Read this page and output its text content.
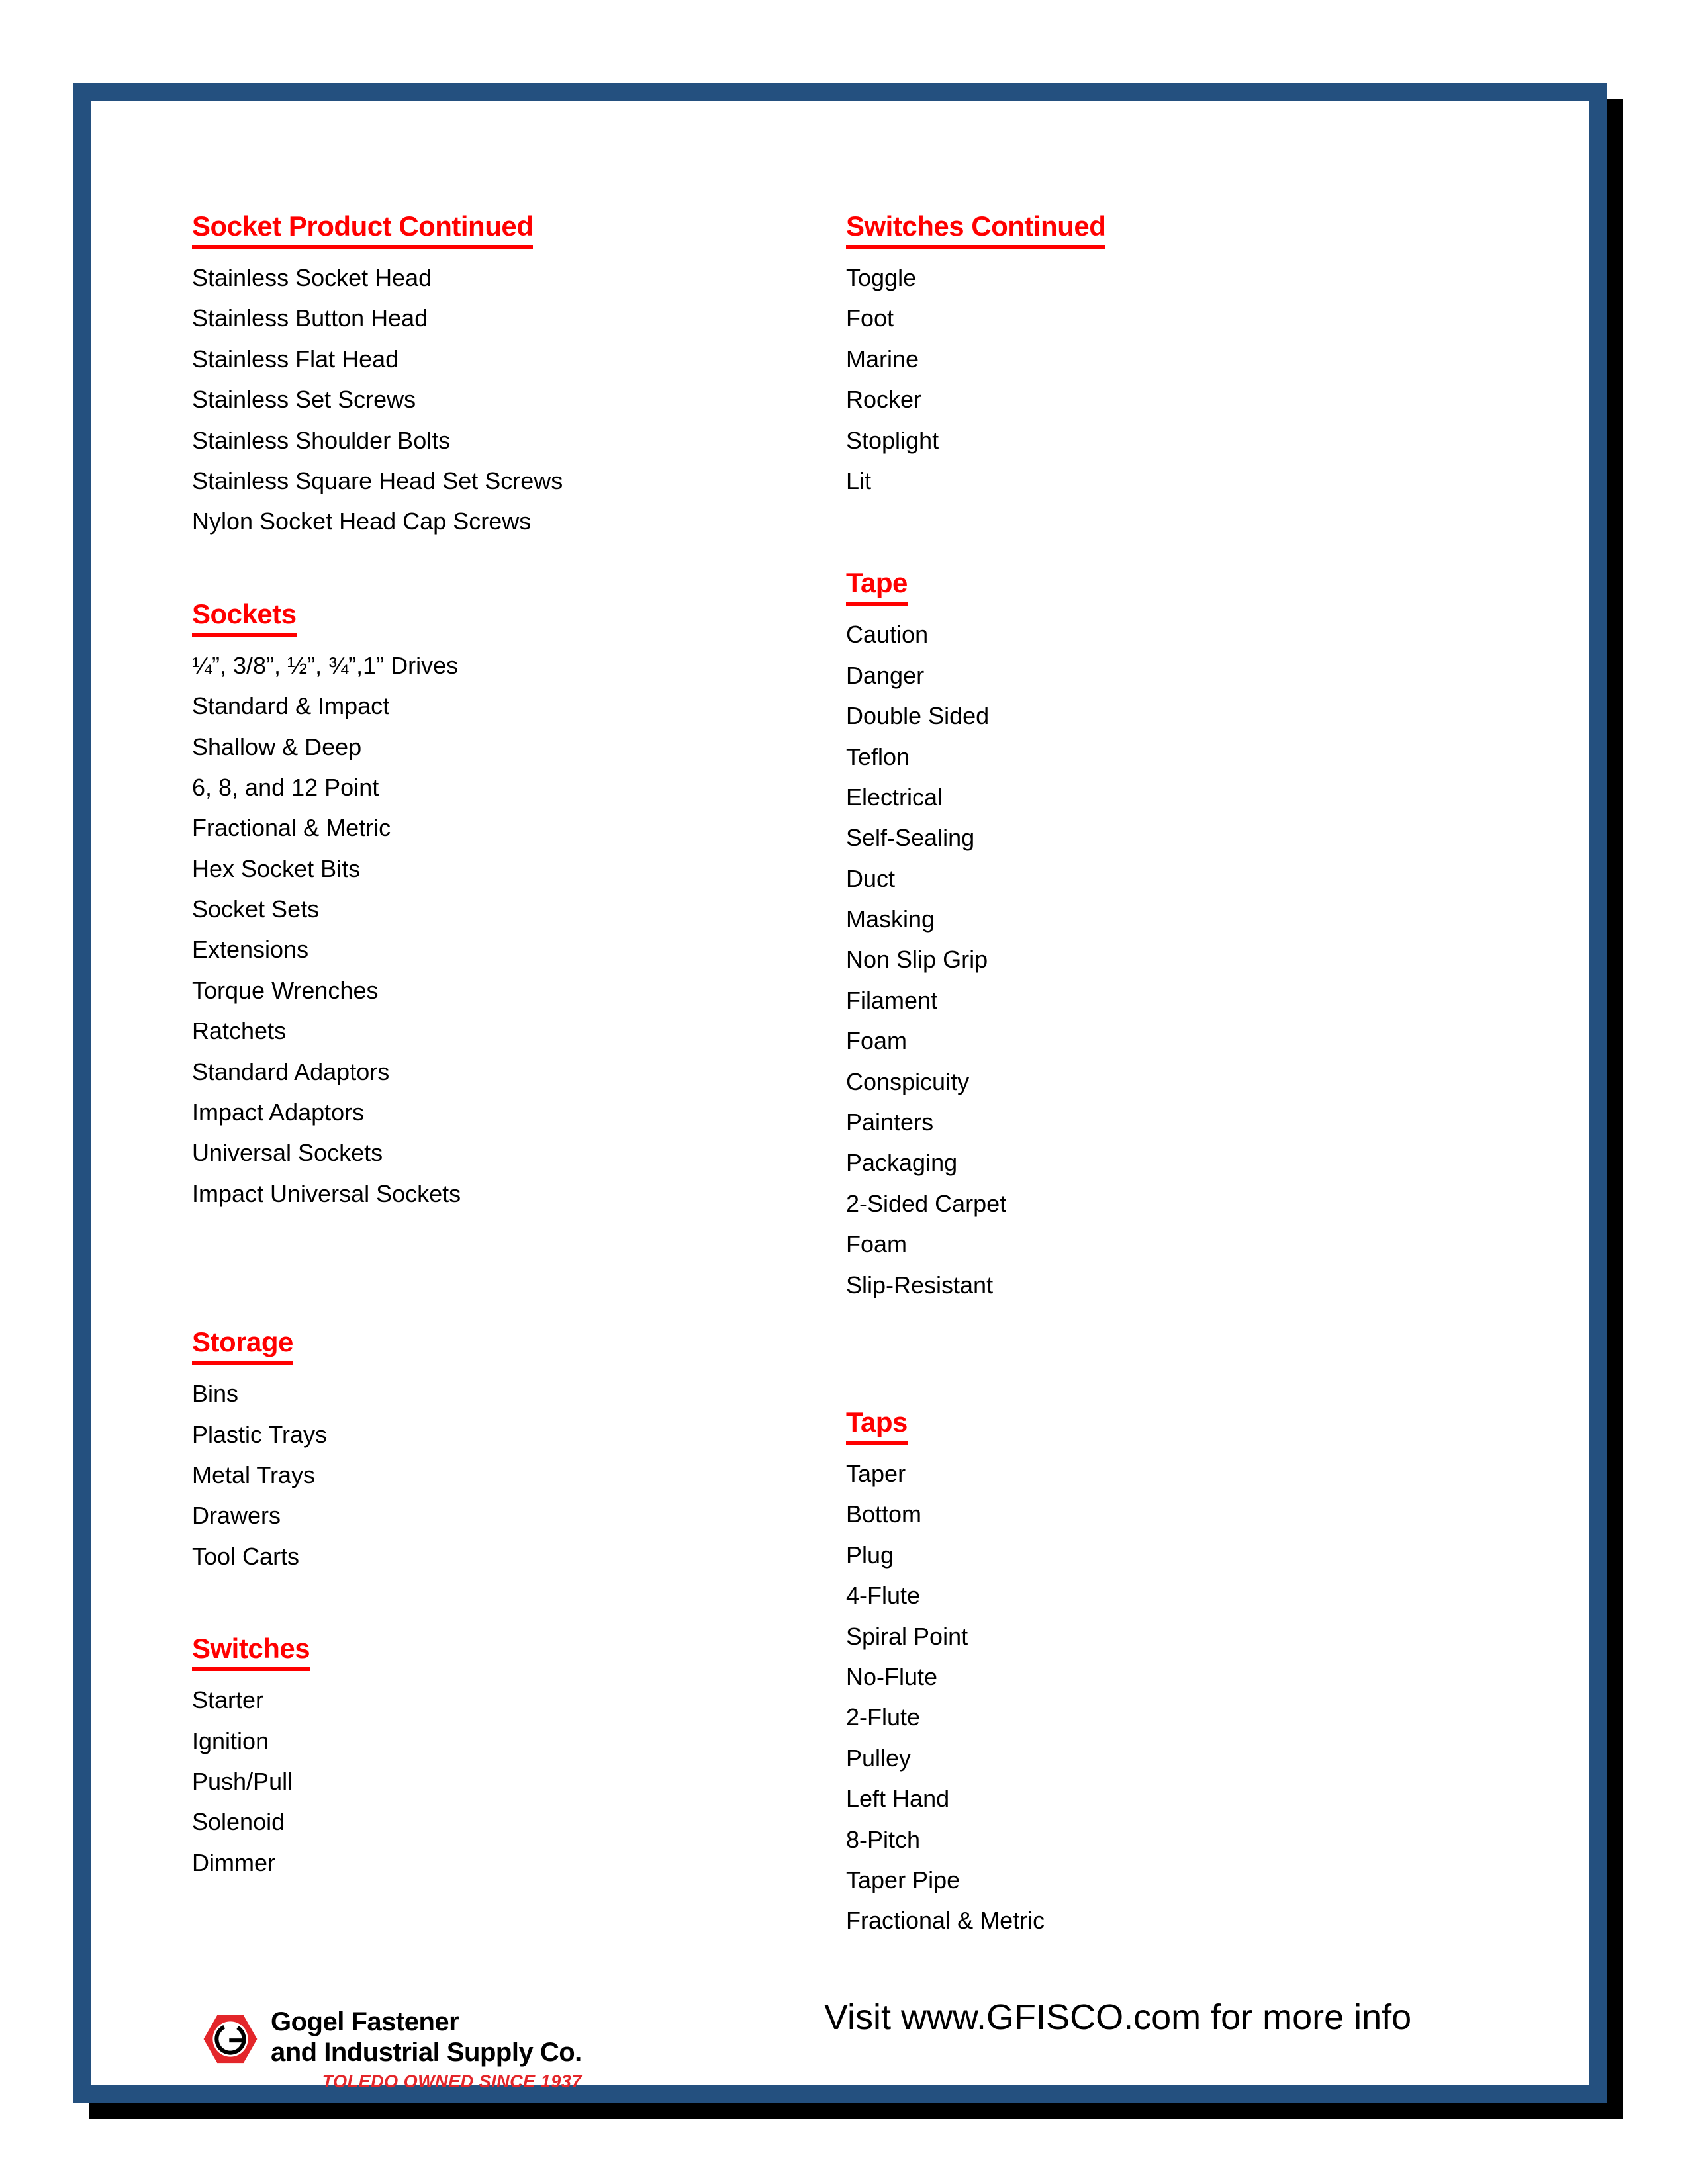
Socket Product Continued
Stainless Socket Head
Stainless Button Head
Stainless Flat Head
Stainless Set Screws
Stainless Shoulder Bolts
Stainless Square Head Set Screws
Nylon Socket Head Cap Screws
Sockets
¼”, 3/8”, ½”, ¾”,1” Drives
Standard & Impact
Shallow & Deep
6, 8, and 12 Point
Fractional & Metric
Hex Socket Bits
Socket Sets
Extensions
Torque Wrenches
Ratchets
Standard Adaptors
Impact Adaptors
Universal Sockets
Impact Universal Sockets
Storage
Bins
Plastic Trays
Metal Trays
Drawers
Tool Carts
Switches
Starter
Ignition
Push/Pull
Solenoid
Dimmer
Switches Continued
Toggle
Foot
Marine
Rocker
Stoplight
Lit
Tape
Caution
Danger
Double Sided
Teflon
Electrical
Self-Sealing
Duct
Masking
Non Slip Grip
Filament
Foam
Conspicuity
Painters
Packaging
2-Sided Carpet
Foam
Slip-Resistant
Taps
Taper
Bottom
Plug
4-Flute
Spiral Point
No-Flute
2-Flute
Pulley
Left Hand
8-Pitch
Taper Pipe
Fractional & Metric
Gogel Fastener
and Industrial Supply Co.
TOLEDO OWNED SINCE 1937
Visit www.GFISCO.com for more info
